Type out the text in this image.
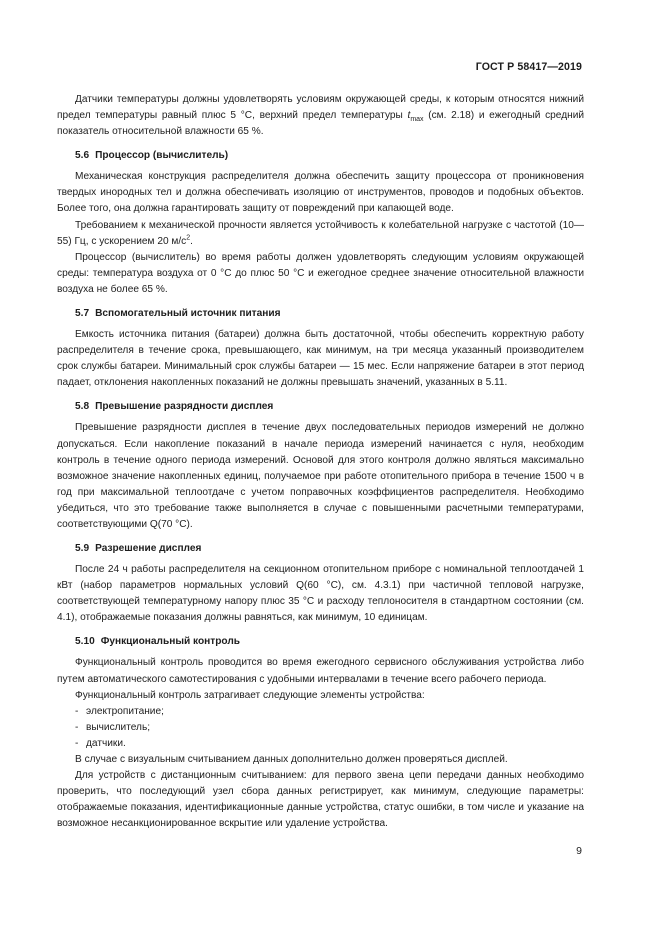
ГОСТ Р 58417—2019

Датчики температуры должны удовлетворять условиям окружающей среды, к которым относятся нижний предел температуры равный плюс 5 °С, верхний предел температуры $t_{max}$ (см. 2.18) и ежегодный средний показатель относительной влажности 65 %.

5.6 Процессор (вычислитель)

Механическая конструкция распределителя должна обеспечить защиту процессора от проникновения твердых инородных тел и должна обеспечивать изоляцию от инструментов, проводов и подобных объектов. Более того, она должна гарантировать защиту от повреждений при капающей воде.

Требованием к механической прочности является устойчивость к колебательной нагрузке с частотой (10—55) Гц, с ускорением 20 $м/с^2$.

Процессор (вычислитель) во время работы должен удовлетворять следующим условиям окружающей среды: температура воздуха от 0 °С до плюс 50 °С и ежегодное среднее значение относительной влажности воздуха не более 65 %.

5.7 Вспомогательный источник питания

Емкость источника питания (батареи) должна быть достаточной, чтобы обеспечить корректную работу распределителя в течение срока, превышающего, как минимум, на три месяца указанный производителем срок службы батареи. Минимальный срок службы батареи — 15 мес. Если напряжение батареи в этот период падает, отклонения накопленных показаний не должны превышать значений, указанных в 5.11.

5.8 Превышение разрядности дисплея

Превышение разрядности дисплея в течение двух последовательных периодов измерений не должно допускаться. Если накопление показаний в начале периода измерений начинается с нуля, необходим контроль в течение одного периода измерений. Основой для этого контроля должно являться максимально возможное значение накопленных единиц, получаемое при работе отопительного прибора в течение 1500 ч в год при максимальной теплоотдаче с учетом поправочных коэффициентов распределителя. Необходимо убедиться, что это требование также выполняется в случае с повышенными расчетными температурами, соответствующими Q(70 °С).

5.9 Разрешение дисплея

После 24 ч работы распределителя на секционном отопительном приборе с номинальной теплоотдачей 1 кВт (набор параметров нормальных условий Q(60 °С), см. 4.3.1) при частичной тепловой нагрузке, соответствующей температурному напору плюс 35 °С и расходу теплоносителя в стандартном состоянии (см. 4.1), отображаемые показания должны равняться, как минимум, 10 единицам.

5.10 Функциональный контроль

Функциональный контроль проводится во время ежегодного сервисного обслуживания устройства либо путем автоматического самотестирования с удобными интервалами в течение всего рабочего периода.

Функциональный контроль затрагивает следующие элементы устройства:

- электропитание;

- вычислитель;

- датчики.

В случае с визуальным считыванием данных дополнительно должен проверяться дисплей.

Для устройств с дистанционным считыванием: для первого звена цепи передачи данных необходимо проверить, что последующий узел сбора данных регистрирует, как минимум, следующие параметры: отображаемые показания, идентификационные данные устройства, статус ошибки, в том числе и указание на возможное несанкционированное вскрытие или удаление устройства.

9
